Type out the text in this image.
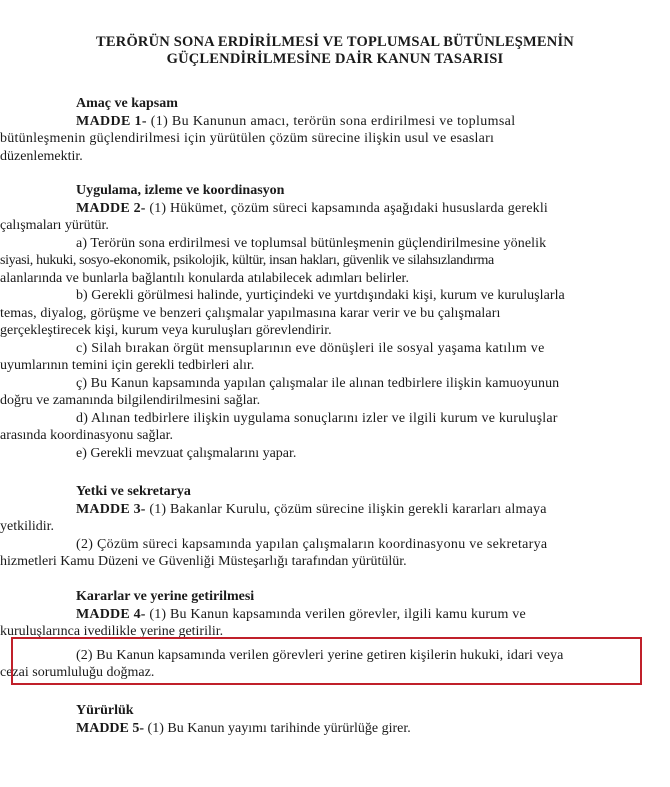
TERÖRÜN SONA ERDİRİLMESİ VE TOPLUMSAL BÜTÜNLEŞMENİN
GÜÇLENDİRİLMESİNE DAİR KANUN TASARISI
Amaç ve kapsam
MADDE 1- (1) Bu Kanunun amacı, terörün sona erdirilmesi ve toplumsal
bütünleşmenin güçlendirilmesi için yürütülen çözüm sürecine ilişkin usul ve esasları
düzenlemektir.
Uygulama, izleme ve koordinasyon
MADDE 2- (1) Hükümet, çözüm süreci kapsamında aşağıdaki hususlarda gerekli
çalışmaları yürütür.
a) Terörün sona erdirilmesi ve toplumsal bütünleşmenin güçlendirilmesine yönelik
siyasi, hukuki, sosyo-ekonomik, psikolojik, kültür, insan hakları, güvenlik ve silahsızlandırma
alanlarında ve bunlarla bağlantılı konularda atılabilecek adımları belirler.
b) Gerekli görülmesi halinde, yurtiçindeki ve yurtdışındaki kişi, kurum ve kuruluşlarla
temas, diyalog, görüşme ve benzeri çalışmalar yapılmasına karar verir ve bu çalışmaları
gerçekleştirecek kişi, kurum veya kuruluşları görevlendirir.
c) Silah bırakan örgüt mensuplarının eve dönüşleri ile sosyal yaşama katılım ve
uyumlarının temini için gerekli tedbirleri alır.
ç) Bu Kanun kapsamında yapılan çalışmalar ile alınan tedbirlere ilişkin kamuoyunun
doğru ve zamanında bilgilendirilmesini sağlar.
d) Alınan tedbirlere ilişkin uygulama sonuçlarını izler ve ilgili kurum ve kuruluşlar
arasında koordinasyonu sağlar.
e) Gerekli mevzuat çalışmalarını yapar.
Yetki ve sekretarya
MADDE 3- (1) Bakanlar Kurulu, çözüm sürecine ilişkin gerekli kararları almaya
yetkilidir.
(2) Çözüm süreci kapsamında yapılan çalışmaların koordinasyonu ve sekretarya
hizmetleri Kamu Düzeni ve Güvenliği Müsteşarlığı tarafından yürütülür.
Kararlar ve yerine getirilmesi
MADDE 4- (1) Bu Kanun kapsamında verilen görevler, ilgili kamu kurum ve
kuruluşlarınca ivedilikle yerine getirilir.
(2) Bu Kanun kapsamında verilen görevleri yerine getiren kişilerin hukuki, idari veya
cezai sorumluluğu doğmaz.
Yürürlük
MADDE 5- (1) Bu Kanun yayımı tarihinde yürürlüğe girer.
